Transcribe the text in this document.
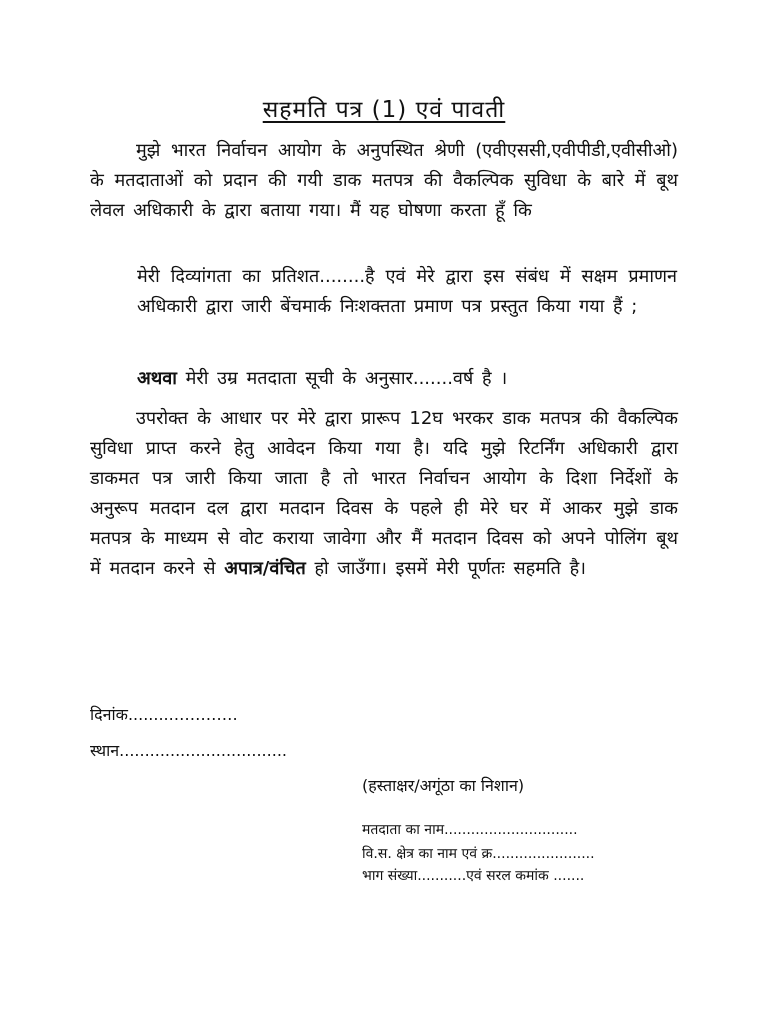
सहमति पत्र (1) एवं पावती
मुझे भारत निर्वाचन आयोग के अनुपस्थित श्रेणी (एवीएससी,एवीपीडी,एवीसीओ) के मतदाताओं को प्रदान की गयी डाक मतपत्र की वैकल्पिक सुविधा के बारे में बूथ लेवल अधिकारी के द्वारा बताया गया। मैं यह घोषणा करता हूँ कि
मेरी दिव्यांगता का प्रतिशत........है एवं मेरे द्वारा इस संबंध में सक्षम प्रमाणन अधिकारी द्वारा जारी बेंचमार्क निःशक्तता प्रमाण पत्र प्रस्तुत किया गया हैं ;
अथवा मेरी उम्र मतदाता सूची के अनुसार.......वर्ष है ।
उपरोक्त के आधार पर मेरे द्वारा प्रारूप 12घ भरकर डाक मतपत्र की वैकल्पिक सुविधा प्राप्त करने हेतु आवेदन किया गया है। यदि मुझे रिटर्निंग अधिकारी द्वारा डाकमत पत्र जारी किया जाता है तो भारत निर्वाचन आयोग के दिशा निर्देशों के अनुरूप मतदान दल द्वारा मतदान दिवस के पहले ही मेरे घर में आकर मुझे डाक मतपत्र के माध्यम से वोट कराया जावेगा और मैं मतदान दिवस को अपने पोलिंग बूथ में मतदान करने से अपात्र/वंचित हो जाउँगा। इसमें मेरी पूर्णतः सहमति है।
दिनांक.........…………
स्थान.................................
(हस्ताक्षर/अगूंठा का निशान)
मतदाता का नाम..............................
वि.स. क्षेत्र का नाम एवं क्र.......................
भाग संख्या...........एवं सरल कमांक .......
